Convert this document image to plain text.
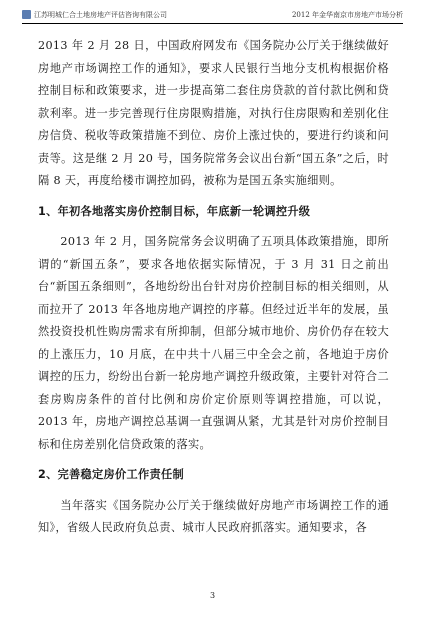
江苏明城仁合土地房地产评估咨询有限公司	2012 年金华南京市房地产市场分析

2013 年 2 月 28 日，中国政府网发布《国务院办公厅关于继续做好房地产市场调控工作的通知》，要求人民银行当地分支机构根据价格控制目标和政策要求，进一步提高第二套住房贷款的首付款比例和贷款利率。进一步完善现行住房限购措施，对执行住房限购和差别化住房信贷、税收等政策措施不到位、房价上涨过快的，要进行约谈和问责等。这是继 2 月 20 号，国务院常务会议出台新“国五条”之后，时隔 8 天，再度给楼市调控加码，被称为是国五条实施细则。

1、年初各地落实房价控制目标，年底新一轮调控升级

2013 年 2 月，国务院常务会议明确了五项具体政策措施，即所谓的“新国五条”，要求各地依据实际情况，于 3 月 31 日之前出台“新国五条细则”，各地纷纷出台针对房价控制目标的相关细则，从而拉开了 2013 年各地房地产调控的序幕。但经过近半年的发展，虽然投资投机性购房需求有所抑制，但部分城市地价、房价仍存在较大的上涨压力，10 月底，在中共十八届三中全会之前，各地迫于房价调控的压力，纷纷出台新一轮房地产调控升级政策，主要针对符合二套房购房条件的首付比例和房价定价原则等调控措施，可以说，2013 年，房地产调控总基调一直强调从紧，尤其是针对房价控制目标和住房差别化信贷政策的落实。

2、完善稳定房价工作责任制

当年落实《国务院办公厅关于继续做好房地产市场调控工作的通知》，省级人民政府负总责、城市人民政府抓落实。通知要求，各

3
